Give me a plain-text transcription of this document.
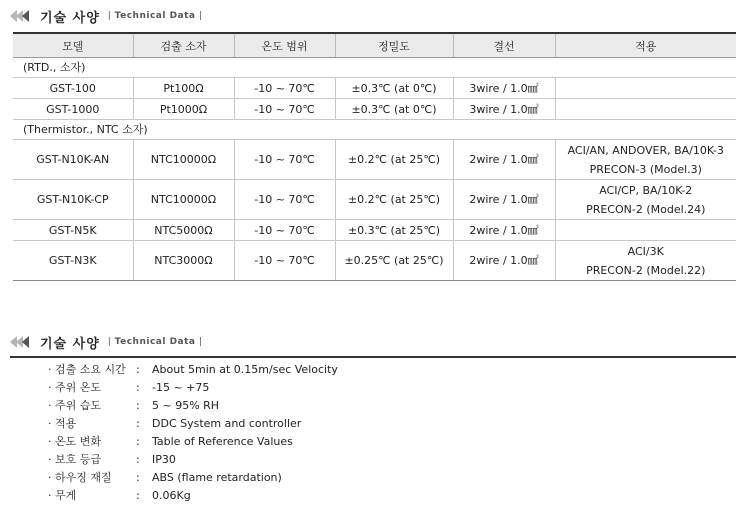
기술 사양 | Technical Data |
모델	검출 소자	온도 범위	정밀도	결선	적용
(RTD., 소자)					
GST-100	Pt100Ω	-10 ~ 70℃	±0.3℃ (at 0℃)	3wire / 1.0㎟	
GST-1000	Pt1000Ω	-10 ~ 70℃	±0.3℃ (at 0℃)	3wire / 1.0㎟	
(Thermistor., NTC 소자)					
GST-N10K-AN	NTC10000Ω	-10 ~ 70℃	±0.2℃ (at 25℃)	2wire / 1.0㎟	ACI/AN, ANDOVER, BA/10K-3
PRECON-3 (Model.3)

GST-N10K-CP	NTC10000Ω	-10 ~ 70℃	±0.2℃ (at 25℃)	2wire / 1.0㎟	ACI/CP, BA/10K-2
PRECON-2 (Model.24)

GST-N5K	NTC5000Ω	-10 ~ 70℃	±0.3℃ (at 25℃)	2wire / 1.0㎟	
GST-N3K	NTC3000Ω	-10 ~ 70℃	±0.25℃ (at 25℃)	2wire / 1.0㎟	ACI/3K
PRECON-2 (Model.22)
기술 사양 | Technical Data |
· 검출 소요 시간 :	About 5min at 0.15m/sec Velocity
· 주위 온도	:	-15 ~ +75
· 주위 습도	:	5 ~ 95% RH
· 적용	:	DDC System and controller
· 온도 변화	:	Table of Reference Values
· 보호 등급	:	IP30
· 하우징 재질	:	ABS (flame retardation)
· 무게	:	0.06Kg
